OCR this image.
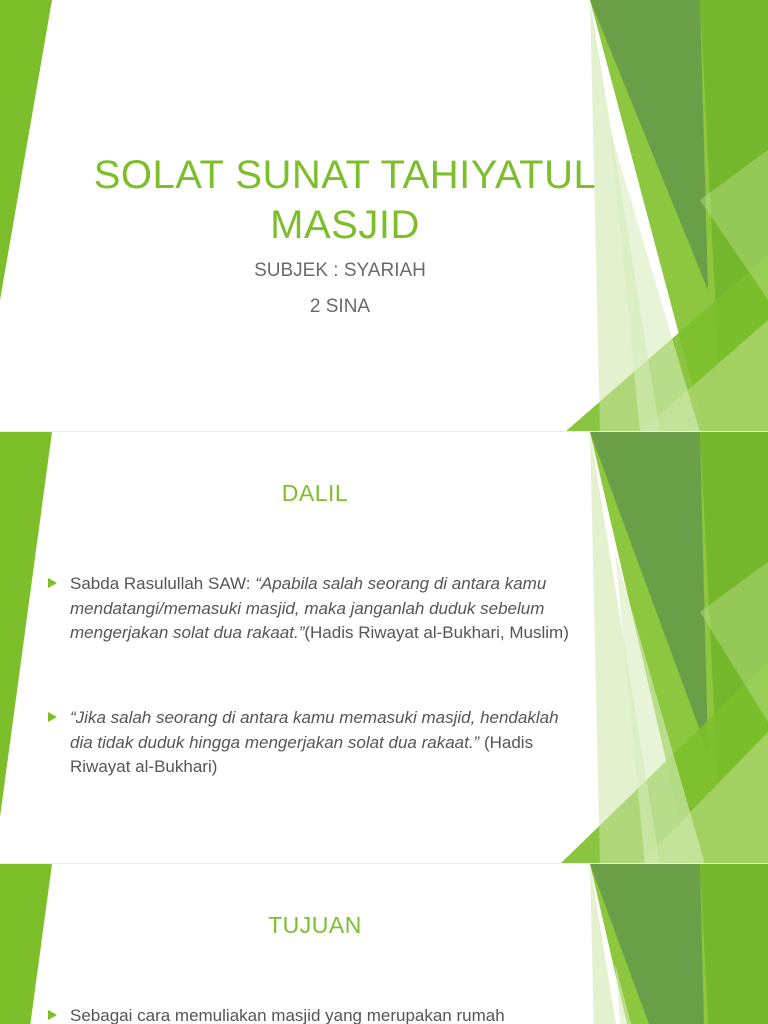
SOLAT SUNAT TAHIYATUL
MASJID
SUBJEK : SYARIAH
2 SINA
DALIL
Sabda Rasulullah SAW: “Apabila salah seorang di antara kamu mendatangi/memasuki masjid, maka janganlah duduk sebelum mengerjakan solat dua rakaat.”(Hadis Riwayat al-Bukhari, Muslim)
“Jika salah seorang di antara kamu memasuki masjid, hendaklah dia tidak duduk hingga mengerjakan solat dua rakaat.” (Hadis Riwayat al-Bukhari)
TUJUAN
Sebagai cara memuliakan masjid yang merupakan rumah
